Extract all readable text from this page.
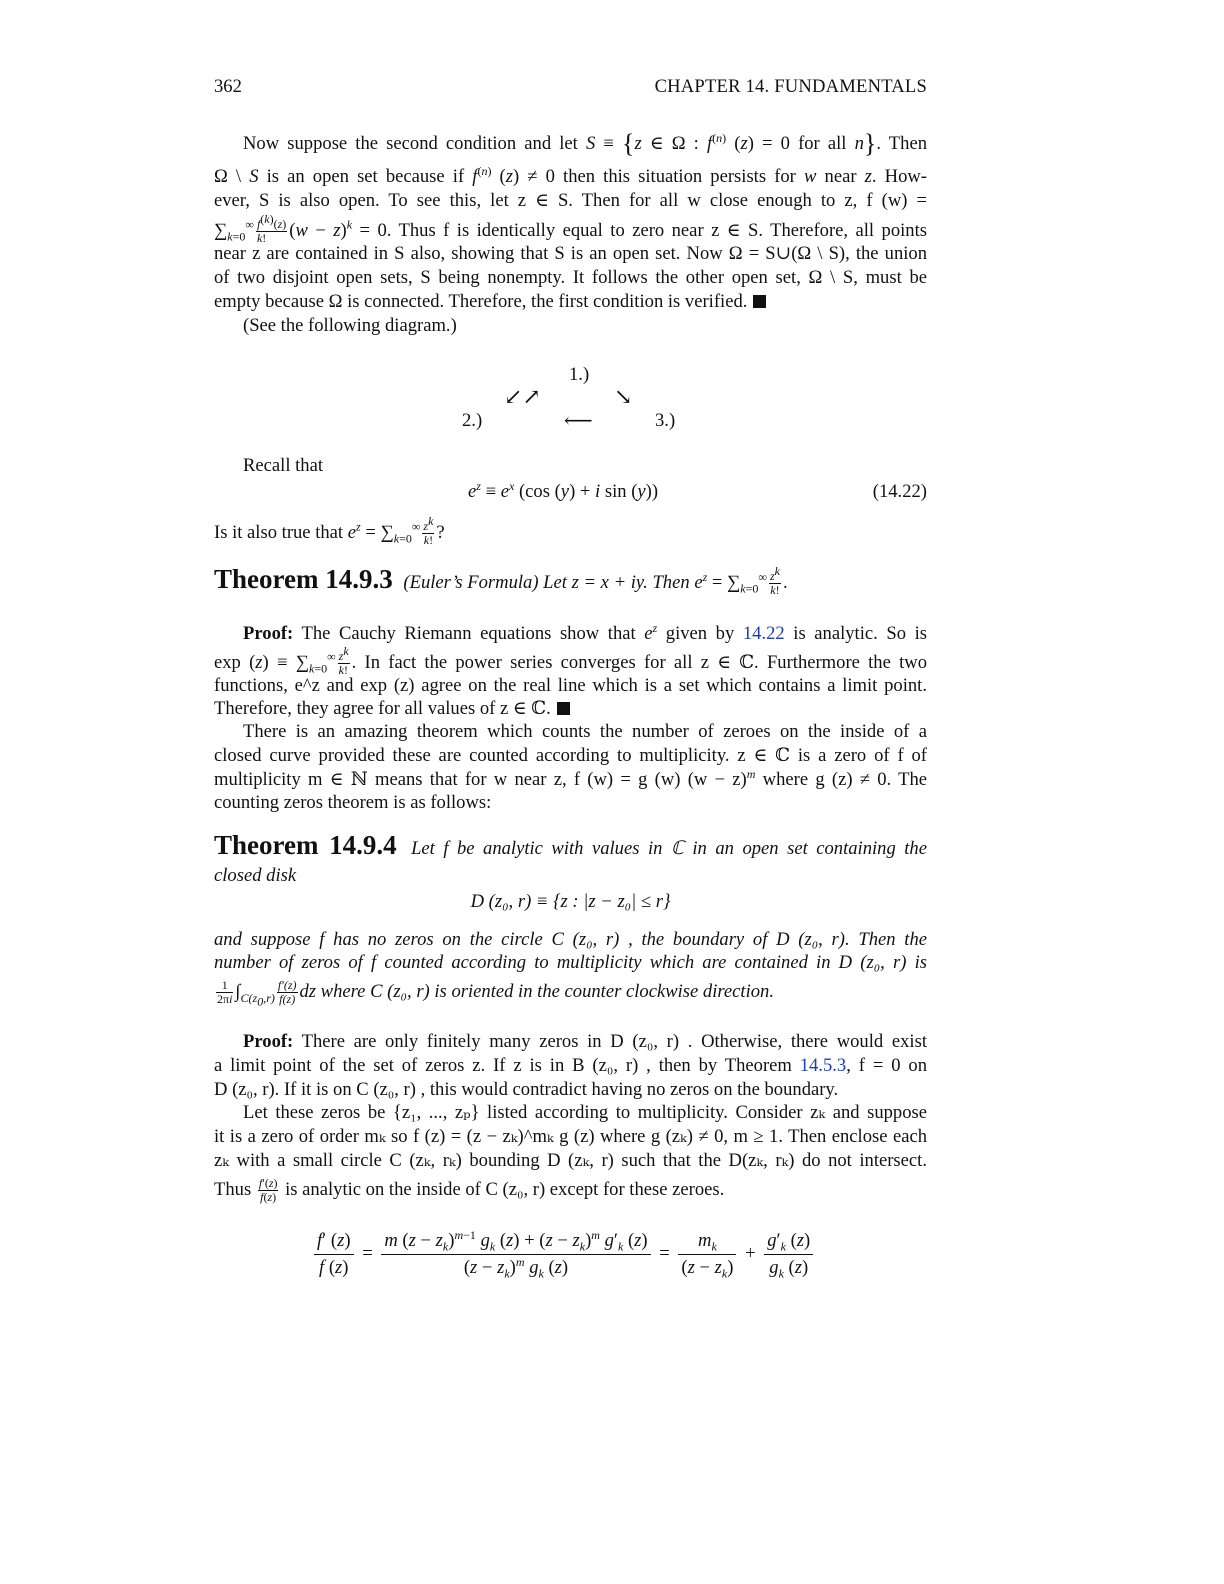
362	CHAPTER 14. FUNDAMENTALS
Now suppose the second condition and let S ≡ {z ∈ Ω : $f^{(n)}$ (z) = 0 for all n}. Then
Ω \ S is an open set because if $f^{(n)}$ (z) ≠ 0 then this situation persists for w near z. How-
ever, S is also open. To see this, let z ∈ S. Then for all w close enough to z, f (w) =
$\sum_{k=0}^\infty \frac{f^{(k)}(z)}{k!} (w - z)^k = 0$. Thus f is identically equal to zero near z ∈ S. Therefore, all points
near z are contained in S also, showing that S is an open set. Now Ω = S∪(Ω \ S), the union
of two disjoint open sets, S being nonempty. It follows the other open set, Ω \ S, must be
empty because Ω is connected. Therefore, the first condition is verified.
(See the following diagram.)
1.)
↙↗	↘
2.)	⟵	3.)
Recall that
$e^z \equiv e^x$ (cos (y) + i sin (y))	(14.22)
Is it also true that $e^z = \sum_{k=0}^\infty \frac{z^k}{k!}$ ?
Theorem 14.9.3 (Euler’s Formula) Let z = x + iy. Then $e^z = \sum_{k=0}^\infty \frac{z^k}{k!}$ .
Proof: The Cauchy Riemann equations show that $e^z$ given by 14.22 is analytic. So is
$\exp (z) \equiv \sum_{k=0}^\infty \frac{z^k}{k!}$ . In fact the power series converges for all z ∈ ℂ. Furthermore the two
functions, e^z and exp (z) agree on the real line which is a set which contains a limit point.
Therefore, they agree for all values of z ∈ ℂ.
There is an amazing theorem which counts the number of zeroes on the inside of a
closed curve provided these are counted according to multiplicity. z ∈ ℂ is a zero of f of
multiplicity m ∈ ℕ means that for w near z, f (w) = g (w) $(w - z)^m$ where g (z) ≠ 0. The
counting zeros theorem is as follows:
Theorem 14.9.4 Let f be analytic with values in ℂ in an open set containing the
closed disk
D (z₀, r) ≡ {z : |z − z₀| ≤ r}
and suppose f has no zeros on the circle C (z₀, r) , the boundary of D (z₀, r). Then the
number of zeros of f counted according to multiplicity which are contained in D (z₀, r) is
$\frac{1}{2\pi i} \int_{C(z_0,r)} \frac{f'(z)}{f(z)}$ dz where C (z₀, r) is oriented in the counter clockwise direction.
Proof: There are only finitely many zeros in D (z₀, r) . Otherwise, there would exist
a limit point of the set of zeros z. If z is in B (z₀, r) , then by Theorem 14.5.3, f = 0 on
D (z₀, r). If it is on C (z₀, r) , this would contradict having no zeros on the boundary.
Let these zeros be {z₁, ..., zₚ} listed according to multiplicity. Consider zₖ and suppose
it is a zero of order mₖ so f (z) = (z − zₖ)^mₖ g (z) where g (zₖ) ≠ 0, m ≥ 1. Then enclose each
zₖ with a small circle C (zₖ, rₖ) bounding D (zₖ, r) such that the D(zₖ, rₖ) do not intersect.
Thus $\frac{f'(z)}{f(z)}$ is analytic on the inside of C (z₀, r) except for these zeroes.
$\frac{f' (z)}{f (z)} = \frac{m (z - z_k)^{m-1} g_k (z) + (z - z_k)^m g'_k (z)}{(z - z_k)^m g_k (z)} = \frac{m_k}{(z - z_k)} + \frac{g'_k (z)}{g_k (z)}$
